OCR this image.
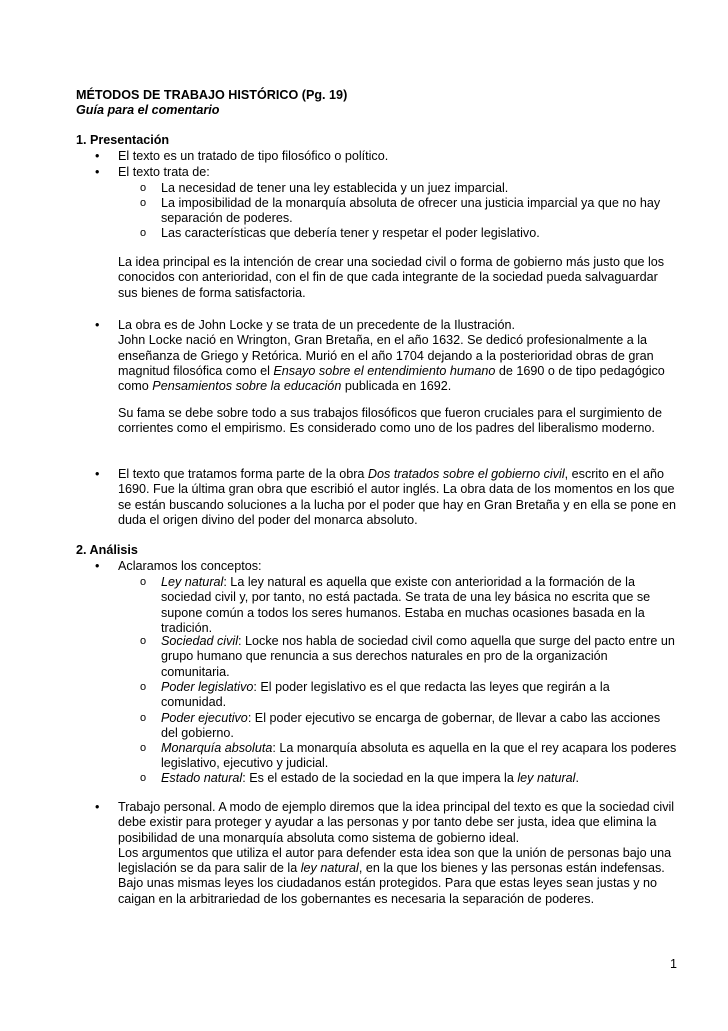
MÉTODOS DE TRABAJO HISTÓRICO (Pg. 19)
Guía para el comentario
1. Presentación
• El texto es un tratado de tipo filosófico o político.
• El texto trata de:
o La necesidad de tener una ley establecida y un juez imparcial.
o La imposibilidad de la monarquía absoluta de ofrecer una justicia imparcial ya que no hay separación de poderes.
o Las características que debería tener y respetar el poder legislativo.
La idea principal es la intención de crear una sociedad civil o forma de gobierno más justo que los conocidos con anterioridad, con el fin de que cada integrante de la sociedad pueda salvaguardar sus bienes de forma satisfactoria.
• La obra es de John Locke y se trata de un precedente de la Ilustración.
John Locke nació en Wrington, Gran Bretaña, en el año 1632. Se dedicó profesionalmente a la enseñanza de Griego y Retórica. Murió en el año 1704 dejando a la posterioridad obras de gran magnitud filosófica como el Ensayo sobre el entendimiento humano de 1690 o de tipo pedagógico como Pensamientos sobre la educación publicada en 1692.
Su fama se debe sobre todo a sus trabajos filosóficos que fueron cruciales para el surgimiento de corrientes como el empirismo. Es considerado como uno de los padres del liberalismo moderno.
• El texto que tratamos forma parte de la obra Dos tratados sobre el gobierno civil, escrito en el año 1690. Fue la última gran obra que escribió el autor inglés. La obra data de los momentos en los que se están buscando soluciones a la lucha por el poder que hay en Gran Bretaña y en ella se pone en duda el origen divino del poder del monarca absoluto.
2. Análisis
• Aclaramos los conceptos:
o Ley natural: La ley natural es aquella que existe con anterioridad a la formación de la sociedad civil y, por tanto, no está pactada. Se trata de una ley básica no escrita que se supone común a todos los seres humanos. Estaba en muchas ocasiones basada en la tradición.
o Sociedad civil: Locke nos habla de sociedad civil como aquella que surge del pacto entre un grupo humano que renuncia a sus derechos naturales en pro de la organización comunitaria.
o Poder legislativo: El poder legislativo es el que redacta las leyes que regirán a la comunidad.
o Poder ejecutivo: El poder ejecutivo se encarga de gobernar, de llevar a cabo las acciones del gobierno.
o Monarquía absoluta: La monarquía absoluta es aquella en la que el rey acapara los poderes legislativo, ejecutivo y judicial.
o Estado natural: Es el estado de la sociedad en la que impera la ley natural.
• Trabajo personal. A modo de ejemplo diremos que la idea principal del texto es que la sociedad civil debe existir para proteger y ayudar a las personas y por tanto debe ser justa, idea que elimina la posibilidad de una monarquía absoluta como sistema de gobierno ideal.
Los argumentos que utiliza el autor para defender esta idea son que la unión de personas bajo una legislación se da para salir de la ley natural, en la que los bienes y las personas están indefensas. Bajo unas mismas leyes los ciudadanos están protegidos. Para que estas leyes sean justas y no caigan en la arbitrariedad de los gobernantes es necesaria la separación de poderes.
1
